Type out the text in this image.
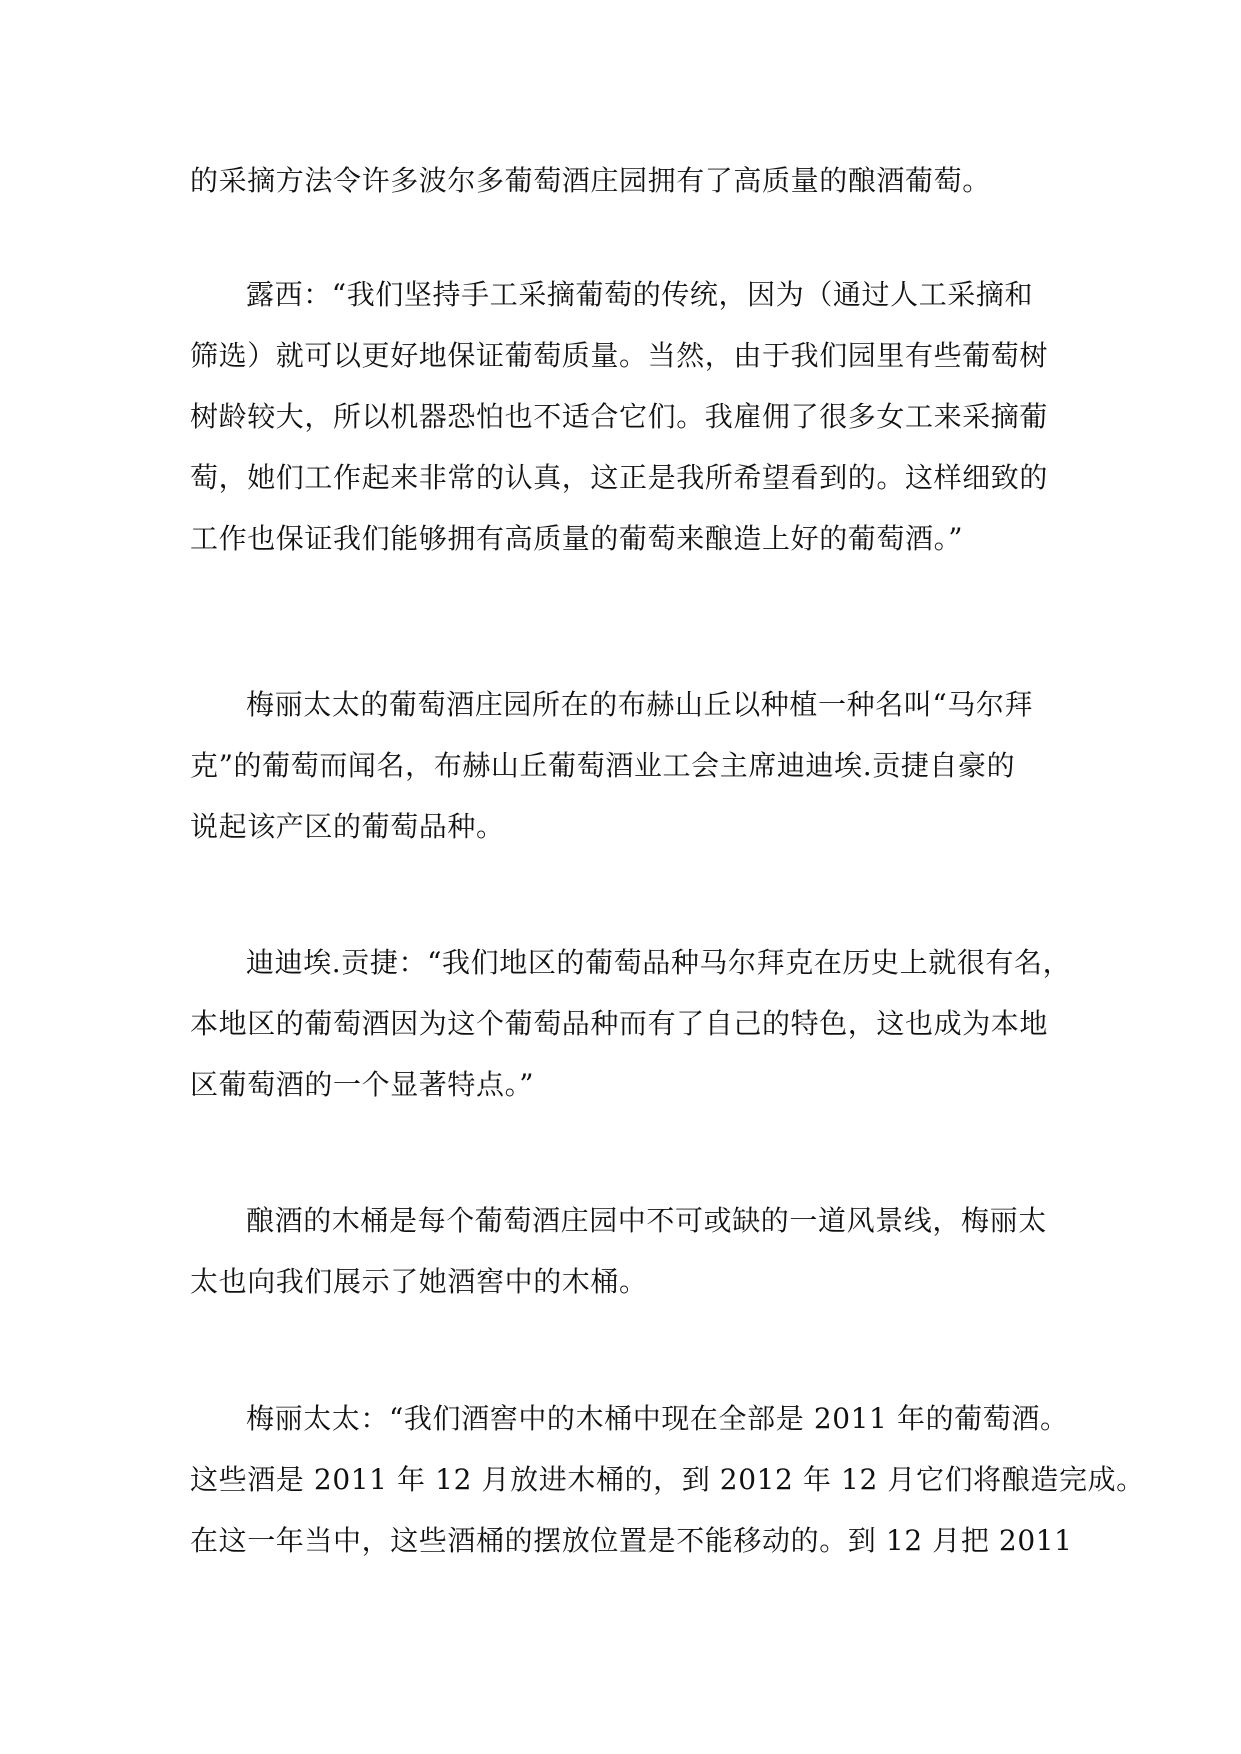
的采摘方法令许多波尔多葡萄酒庄园拥有了高质量的酿酒葡萄。
露西：“我们坚持手工采摘葡萄的传统，因为（通过人工采摘和
筛选）就可以更好地保证葡萄质量。当然，由于我们园里有些葡萄树
树龄较大，所以机器恐怕也不适合它们。我雇佣了很多女工来采摘葡
萄，她们工作起来非常的认真，这正是我所希望看到的。这样细致的
工作也保证我们能够拥有高质量的葡萄来酿造上好的葡萄酒。”
梅丽太太的葡萄酒庄园所在的布赫山丘以种植一种名叫“马尔拜
克”的葡萄而闻名，布赫山丘葡萄酒业工会主席迪迪埃.贡捷自豪的
说起该产区的葡萄品种。
迪迪埃.贡捷：“我们地区的葡萄品种马尔拜克在历史上就很有名，
本地区的葡萄酒因为这个葡萄品种而有了自己的特色，这也成为本地
区葡萄酒的一个显著特点。”
酿酒的木桶是每个葡萄酒庄园中不可或缺的一道风景线，梅丽太
太也向我们展示了她酒窖中的木桶。
梅丽太太：“我们酒窖中的木桶中现在全部是 2011 年的葡萄酒。
这些酒是 2011 年 12 月放进木桶的，到 2012 年 12 月它们将酿造完成。
在这一年当中，这些酒桶的摆放位置是不能移动的。到 12 月把 2011
